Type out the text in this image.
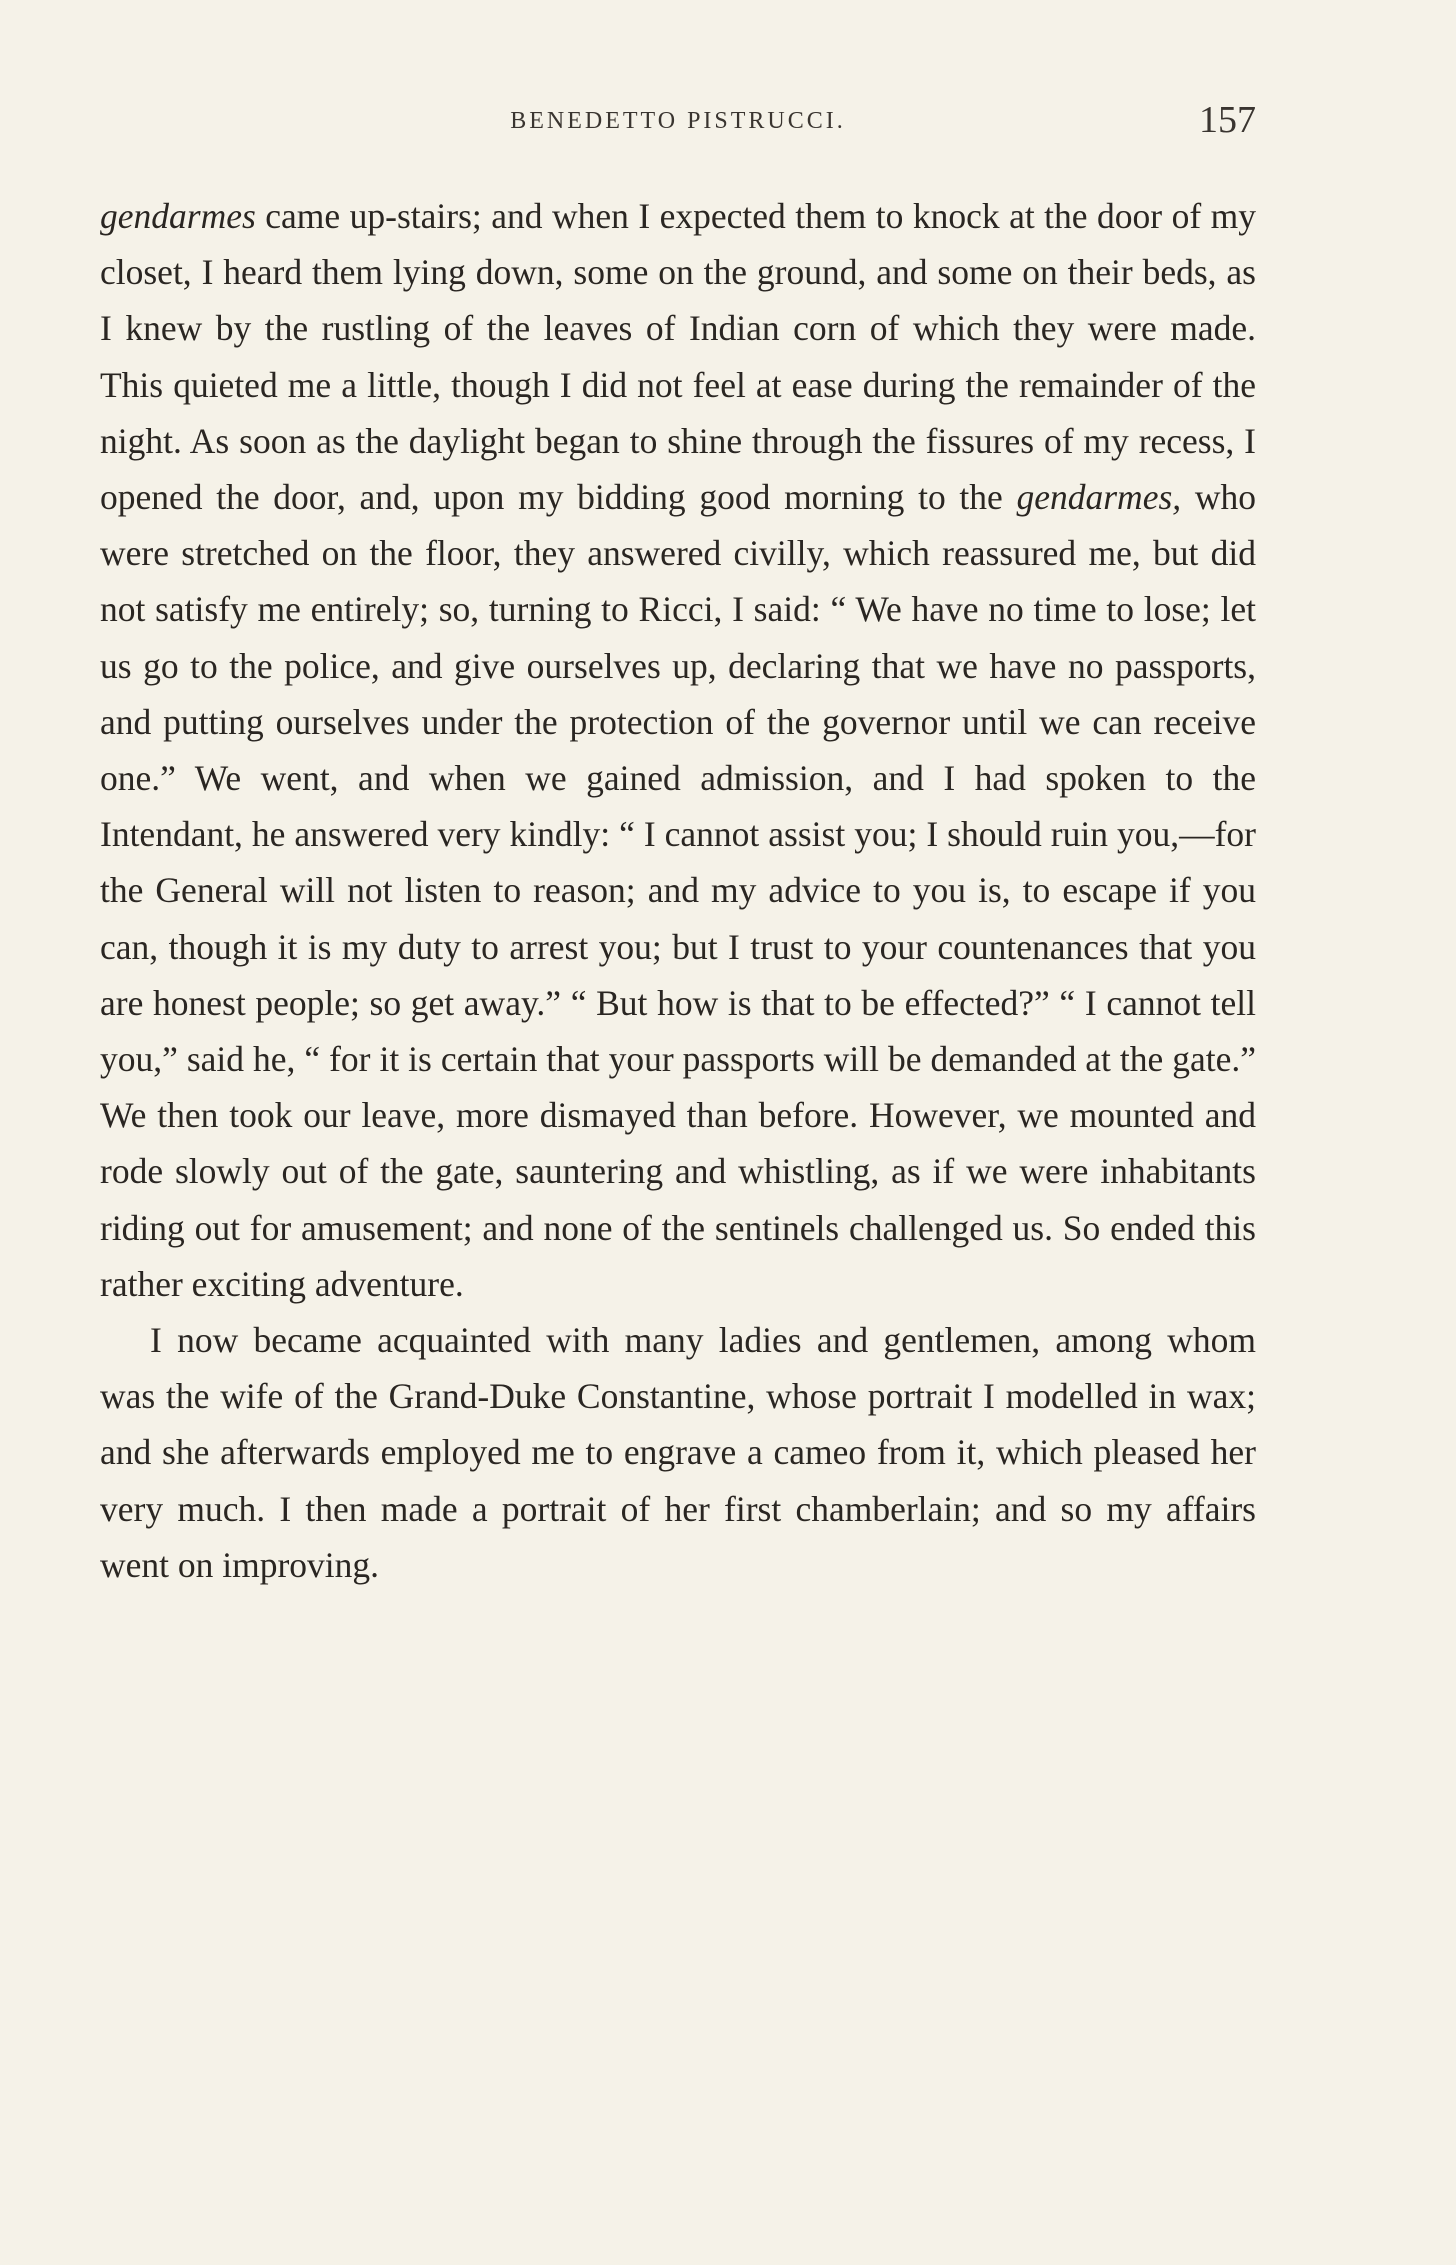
BENEDETTO PISTRUCCI.	157

gendarmes came up-stairs; and when I expected them to knock at the door of my closet, I heard them lying down, some on the ground, and some on their beds, as I knew by the rustling of the leaves of Indian corn of which they were made. This quieted me a little, though I did not feel at ease during the remainder of the night. As soon as the daylight began to shine through the fissures of my recess, I opened the door, and, upon my bidding good morning to the gendarmes, who were stretched on the floor, they answered civilly, which reassured me, but did not satisfy me entirely; so, turning to Ricci, I said: “ We have no time to lose; let us go to the police, and give ourselves up, declaring that we have no passports, and putting ourselves under the protection of the governor until we can receive one.” We went, and when we gained admission, and I had spoken to the Intendant, he answered very kindly: “ I cannot assist you; I should ruin you,—for the General will not listen to reason; and my advice to you is, to escape if you can, though it is my duty to arrest you; but I trust to your countenances that you are honest people; so get away.” “ But how is that to be effected?” “ I cannot tell you,” said he, “ for it is certain that your passports will be demanded at the gate.” We then took our leave, more dismayed than before. However, we mounted and rode slowly out of the gate, sauntering and whistling, as if we were inhabitants riding out for amusement; and none of the sentinels challenged us. So ended this rather exciting adventure.

I now became acquainted with many ladies and gentlemen, among whom was the wife of the Grand-Duke Constantine, whose portrait I modelled in wax; and she afterwards employed me to engrave a cameo from it, which pleased her very much. I then made a portrait of her first chamberlain; and so my affairs went on improving.
